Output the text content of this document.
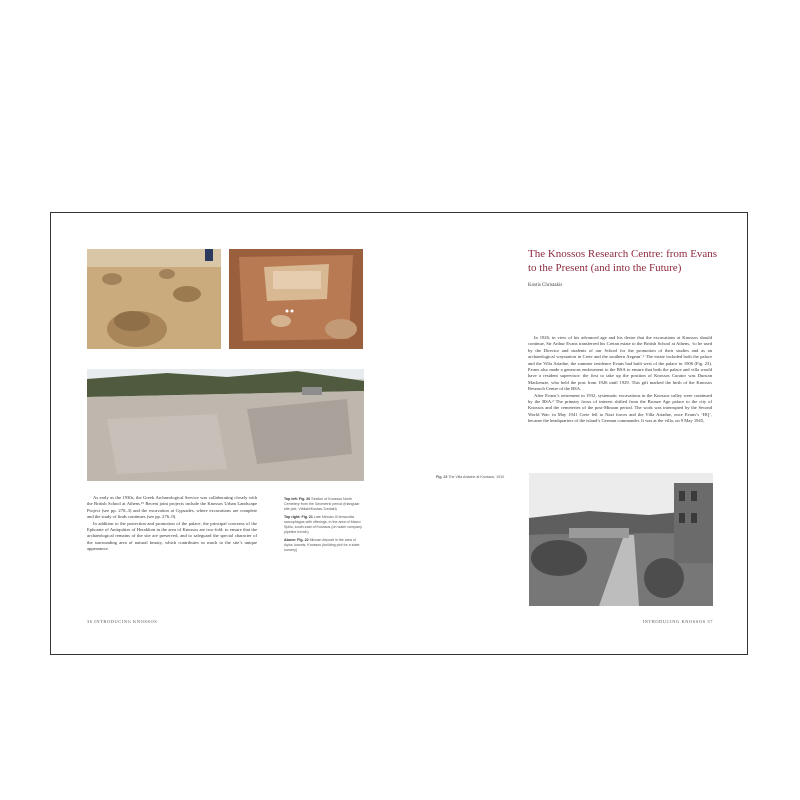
As early as the 1930s, the Greek Archaeological Service was collaborating closely with the British School at Athens.¹⁵ Recent joint projects include the Knossos Urban Landscape Project (see pp. 270–3) and the excavation at Gypsades, where excavations are complete and the study of finds continues (see pp. 276–9).

In addition to the protection and promotion of the palace, the principal concerns of the Ephorate of Antiquities of Heraklion in the area of Knossos are two-fold: to ensure that the archaeological remains of the site are preserved, and to safeguard the special character of the surrounding area of natural beauty, which contributes so much to the site’s unique appearance.

Top left: Fig. 20 Section of Knossos North Cemetery from the Geometric period (triangular site plot, Vlellaki/Kostas-Tzedaki)

Top right: Fig. 21 Late Minoan III terracotta sarcophagus with offerings, in the area of Mavro Spilio, south-east of Knossos (on water company pipeline trench)

Above: Fig. 22 Minoan deposit in the area of Ayios Ioannis, Knossos (building plot for a state nursery)

36 INTRODUCING KNOSSOS
The Knossos Research Centre: from Evans to the Present (and into the Future)
Kostis Christakis

In 1926, in view of his advanced age and his desire that the excavations at Knossos should continue, Sir Arthur Evans transferred his Cretan estate to the British School at Athens, ‘to be used by the Director and students of our School for the promotion of their studies and as an archaeological waystation in Crete and the southern Aegean’.¹ The estate included both the palace and the Villa Ariadne, the summer residence Evans had built west of the palace in 1906 (Fig. 23). Evans also made a generous endowment to the BSA to ensure that both the palace and villa would have a resident supervisor: the first to take up the position of Knossos Curator was Duncan Mackenzie, who held the post from 1926 until 1929. This gift marked the birth of the Knossos Research Centre of the BSA.

After Evans’s retirement in 1932, systematic excavations in the Knossos valley were continued by the BSA.² The primary focus of interest shifted from the Bronze Age palace to the city of Knossos and the cemeteries of the post-Minoan period. The work was interrupted by the Second World War: in May 1941 Crete fell to Nazi forces and the Villa Ariadne, once Evans’s ‘HQ’, became the headquarters of the island’s German commander. It was at the villa, on 9 May 1945,

Fig. 23 The Villa Ariadne at Knossos, 1910
INTRODUCING KNOSSOS 37
